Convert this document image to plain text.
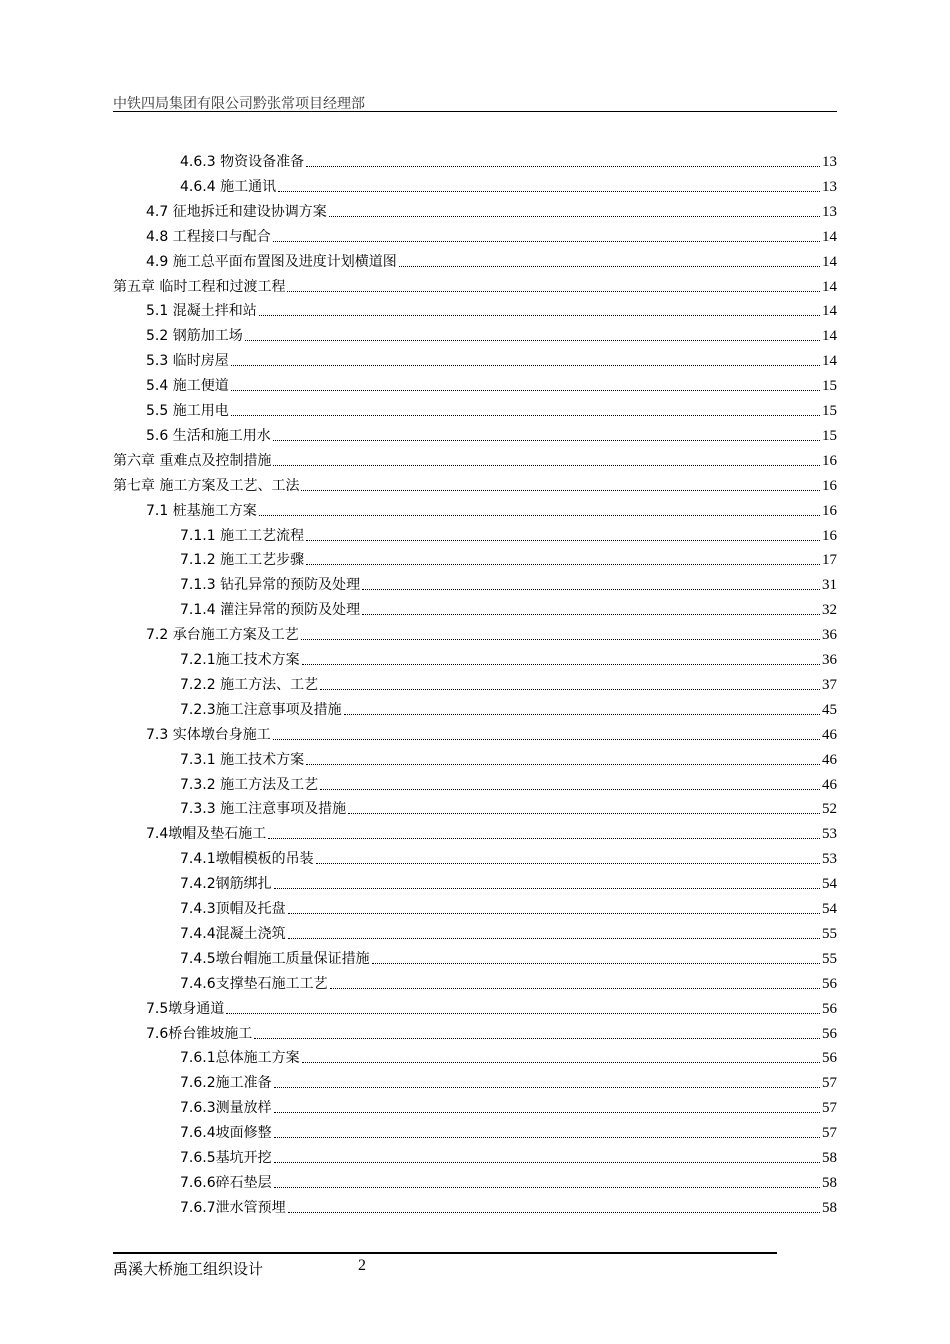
中铁四局集团有限公司黔张常项目经理部
4.6.3 物资设备准备	13
4.6.4 施工通讯	13
4.7 征地拆迁和建设协调方案	13
4.8 工程接口与配合	14
4.9 施工总平面布置图及进度计划横道图	14
第五章 临时工程和过渡工程	14
5.1 混凝土拌和站	14
5.2 钢筋加工场	14
5.3 临时房屋	14
5.4 施工便道	15
5.5 施工用电	15
5.6 生活和施工用水	15
第六章 重难点及控制措施	16
第七章 施工方案及工艺、工法	16
7.1 桩基施工方案	16
7.1.1 施工工艺流程	16
7.1.2 施工工艺步骤	17
7.1.3 钻孔异常的预防及处理	31
7.1.4 灌注异常的预防及处理	32
7.2 承台施工方案及工艺	36
7.2.1施工技术方案	36
7.2.2 施工方法、工艺	37
7.2.3施工注意事项及措施	45
7.3 实体墩台身施工	46
7.3.1 施工技术方案	46
7.3.2 施工方法及工艺	46
7.3.3 施工注意事项及措施	52
7.4墩帽及垫石施工	53
7.4.1墩帽模板的吊装	53
7.4.2钢筋绑扎	54
7.4.3顶帽及托盘	54
7.4.4混凝土浇筑	55
7.4.5墩台帽施工质量保证措施	55
7.4.6支撑垫石施工工艺	56
7.5墩身通道	56
7.6桥台锥坡施工	56
7.6.1总体施工方案	56
7.6.2施工准备	57
7.6.3测量放样	57
7.6.4坡面修整	57
7.6.5基坑开挖	58
7.6.6碎石垫层	58
7.6.7泄水管预埋	58
禹溪大桥施工组织设计	2
